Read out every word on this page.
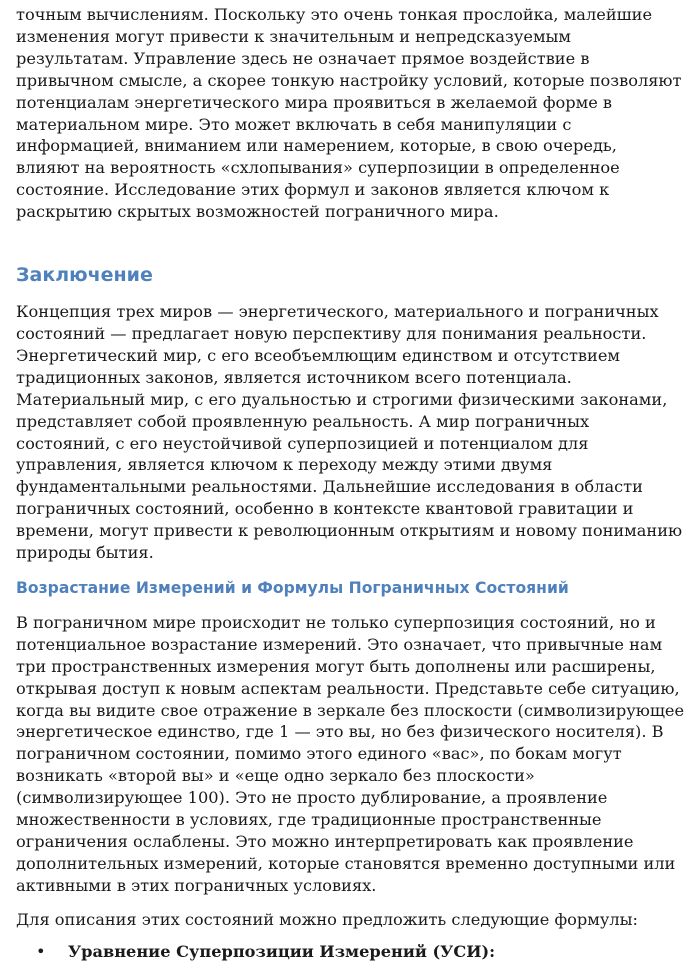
точным вычислениям. Поскольку это очень тонкая прослойка, малейшие изменения могут привести к значительным и непредсказуемым результатам. Управление здесь не означает прямое воздействие в привычном смысле, а скорее тонкую настройку условий, которые позволяют потенциалам энергетического мира проявиться в желаемой форме в материальном мире. Это может включать в себя манипуляции с информацией, вниманием или намерением, которые, в свою очередь, влияют на вероятность «схлопывания» суперпозиции в определенное состояние. Исследование этих формул и законов является ключом к раскрытию скрытых возможностей пограничного мира.

Заключение

Концепция трех миров — энергетического, материального и пограничных состояний — предлагает новую перспективу для понимания реальности. Энергетический мир, с его всеобъемлющим единством и отсутствием традиционных законов, является источником всего потенциала. Материальный мир, с его дуальностью и строгими физическими законами, представляет собой проявленную реальность. А мир пограничных состояний, с его неустойчивой суперпозицией и потенциалом для управления, является ключом к переходу между этими двумя фундаментальными реальностями. Дальнейшие исследования в области пограничных состояний, особенно в контексте квантовой гравитации и времени, могут привести к революционным открытиям и новому пониманию природы бытия.

Возрастание Измерений и Формулы Пограничных Состояний

В пограничном мире происходит не только суперпозиция состояний, но и потенциальное возрастание измерений. Это означает, что привычные нам три пространственных измерения могут быть дополнены или расширены, открывая доступ к новым аспектам реальности. Представьте себе ситуацию, когда вы видите свое отражение в зеркале без плоскости (символизирующее энергетическое единство, где 1 — это вы, но без физического носителя). В пограничном состоянии, помимо этого единого «вас», по бокам могут возникать «второй вы» и «еще одно зеркало без плоскости» (символизирующее 100). Это не просто дублирование, а проявление множественности в условиях, где традиционные пространственные ограничения ослаблены. Это можно интерпретировать как проявление дополнительных измерений, которые становятся временно доступными или активными в этих пограничных условиях.

Для описания этих состояний можно предложить следующие формулы:

• Уравнение Суперпозиции Измерений (УСИ):
